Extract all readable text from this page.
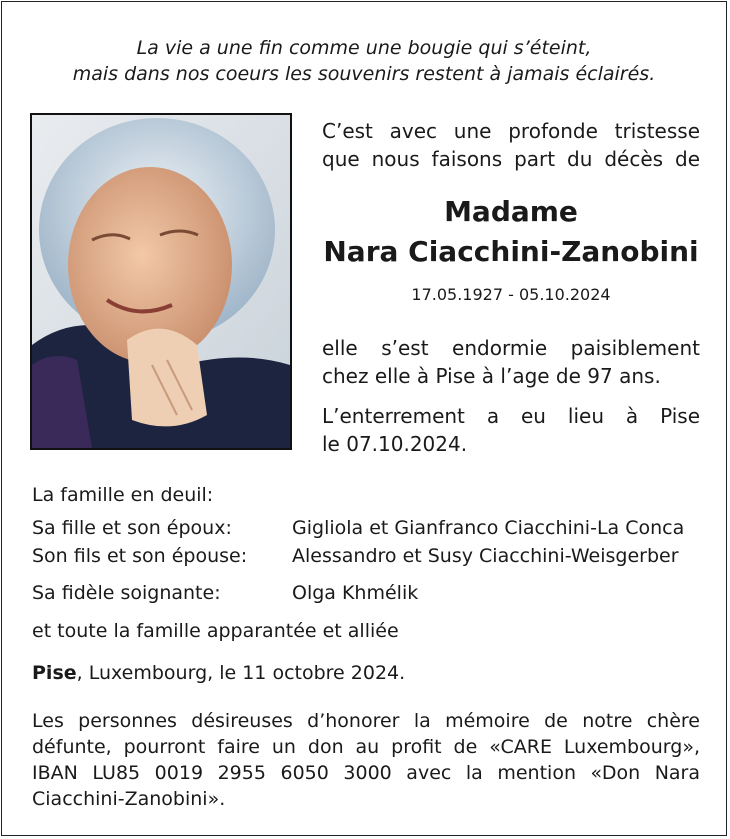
La vie a une fin comme une bougie qui s’éteint,
mais dans nos coeurs les souvenirs restent à jamais éclairés.
C’est avec une profonde tristesse
que nous faisons part du décès de
Madame
Nara Ciacchini-Zanobini
17.05.1927 - 05.10.2024
elle s’est endormie paisiblement
chez elle à Pise à l’age de 97 ans.
L’enterrement a eu lieu à Pise
le 07.10.2024.
La famille en deuil:
Sa fille et son époux:	Gigliola et Gianfranco Ciacchini-La Conca
Son fils et son épouse: Alessandro et Susy Ciacchini-Weisgerber
Sa fidèle soignante:	Olga Khmélik
et toute la famille apparantée et alliée
Pise, Luxembourg, le 11 octobre 2024.
Les personnes désireuses d’honorer la mémoire de notre chère
défunte, pourront faire un don au profit de «CARE Luxembourg»,
IBAN LU85 0019 2955 6050 3000 avec la mention «Don Nara
Ciacchini-Zanobini».
